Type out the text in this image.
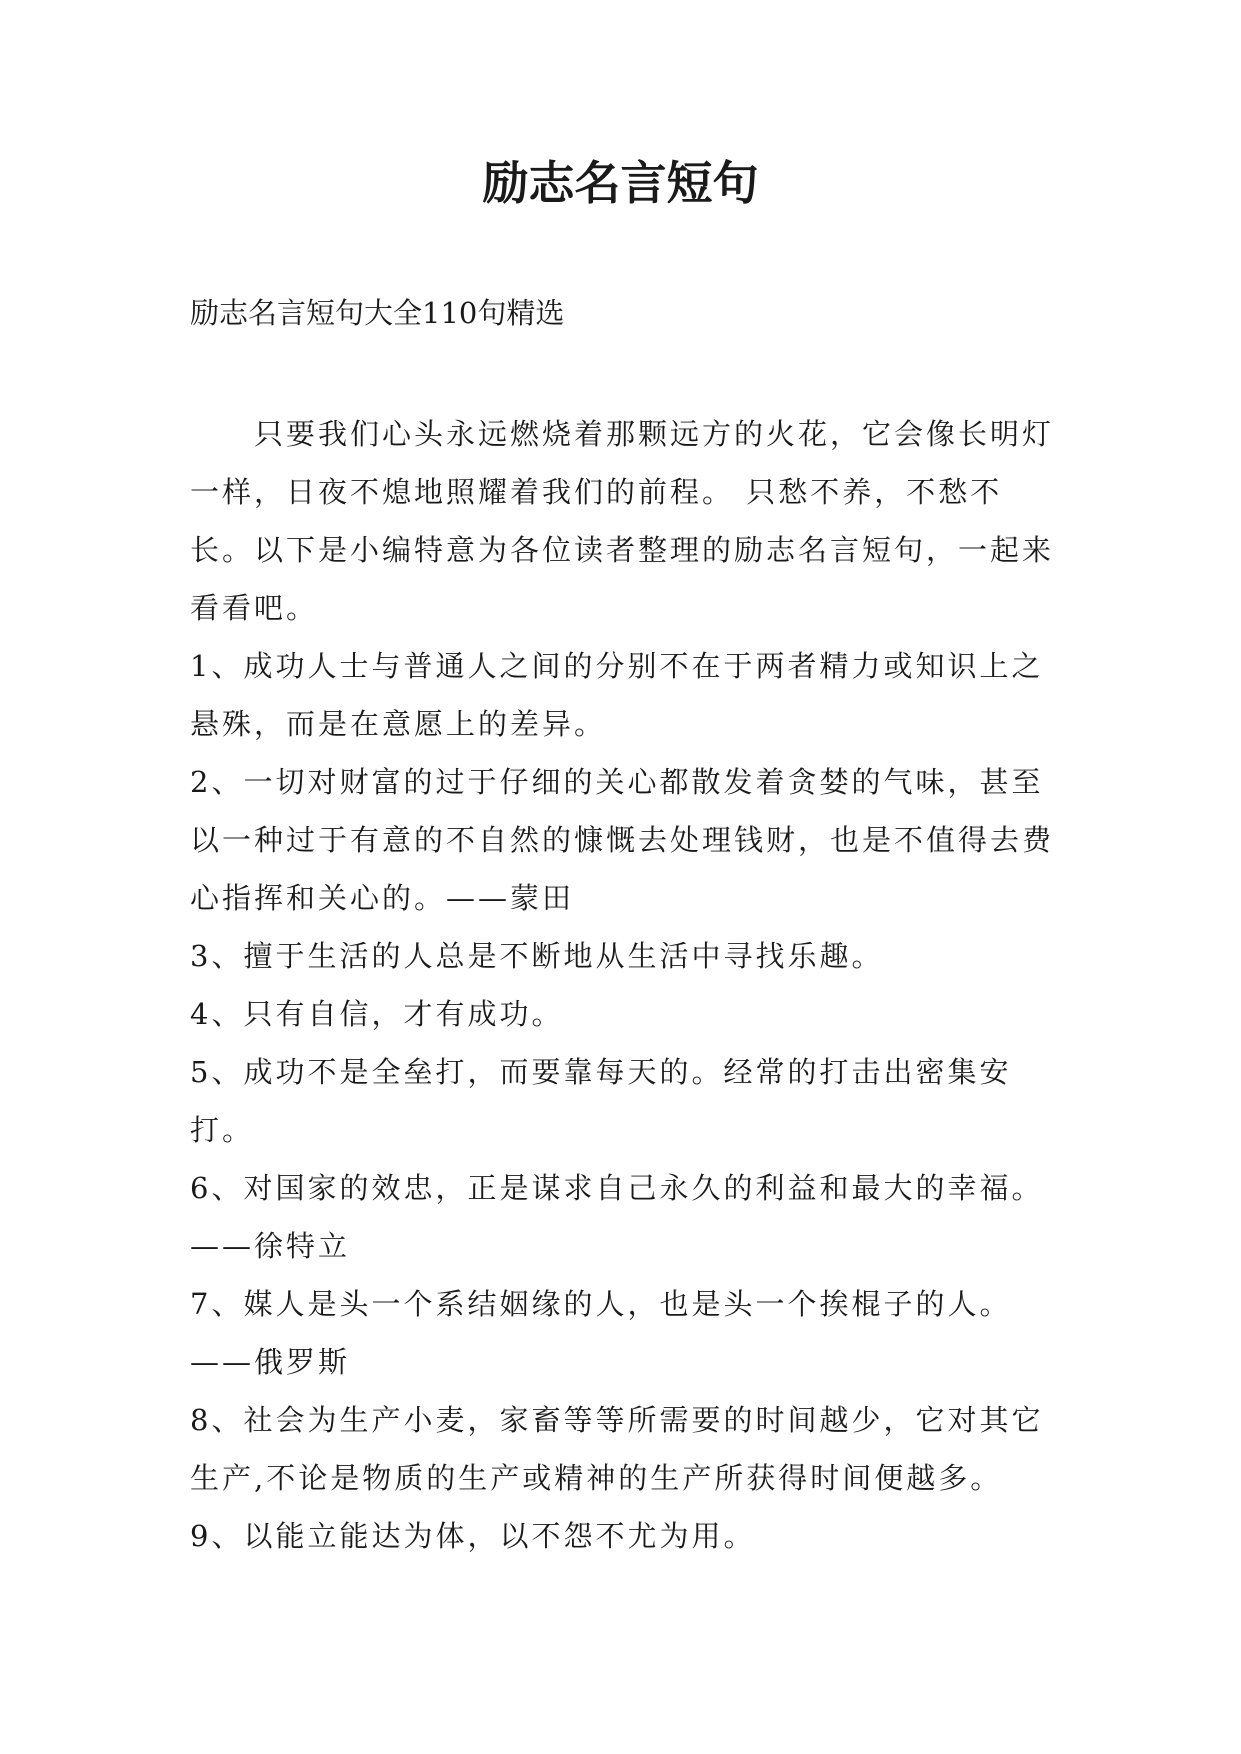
励志名言短句

励志名言短句大全110句精选

只要我们心头永远燃烧着那颗远方的火花，它会像长明灯一样，日夜不熄地照耀着我们的前程。 只愁不养，不愁不长。以下是小编特意为各位读者整理的励志名言短句，一起来看看吧。

1、成功人士与普通人之间的分别不在于两者精力或知识上之悬殊，而是在意愿上的差异。

2、一切对财富的过于仔细的关心都散发着贪婪的气味，甚至以一种过于有意的不自然的慷慨去处理钱财，也是不值得去费心指挥和关心的。——蒙田

3、擅于生活的人总是不断地从生活中寻找乐趣。

4、只有自信，才有成功。

5、成功不是全垒打，而要靠每天的。经常的打击出密集安打。

6、对国家的效忠，正是谋求自己永久的利益和最大的幸福。——徐特立

7、媒人是头一个系结姻缘的人，也是头一个挨棍子的人。——俄罗斯

8、社会为生产小麦，家畜等等所需要的时间越少，它对其它生产,不论是物质的生产或精神的生产所获得时间便越多。

9、以能立能达为体，以不怨不尤为用。
